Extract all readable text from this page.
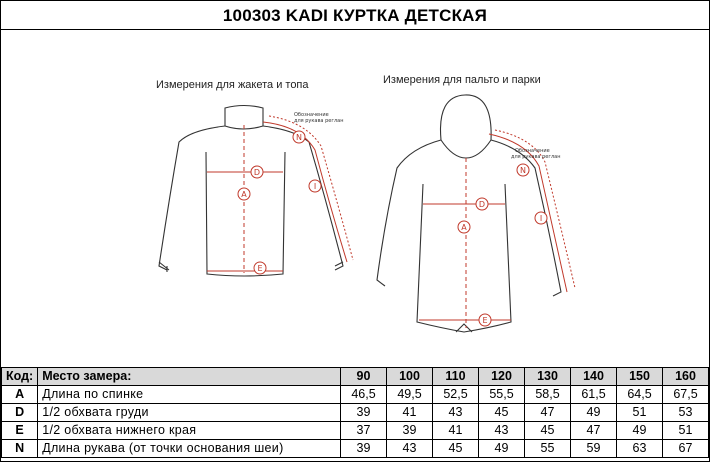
100303 KADI КУРТКА ДЕТСКАЯ
Измерения для жакета и топа	Измерения для пальто и парки
A
D
E
N
I
Обозначение
для рукава реглан
A
D
E
N
I
Обозначение
для рукава реглан
Код:	Место замера:	90	100	110	120	130	140	150	160
A	Длина по спинке	46,5	49,5	52,5	55,5	58,5	61,5	64,5	67,5
D	1/2 обхвата груди	39	41	43	45	47	49	51	53
E	1/2 обхвата нижнего края	37	39	41	43	45	47	49	51
N	Длина рукава (от точки основания шеи)	39	43	45	49	55	59	63	67
